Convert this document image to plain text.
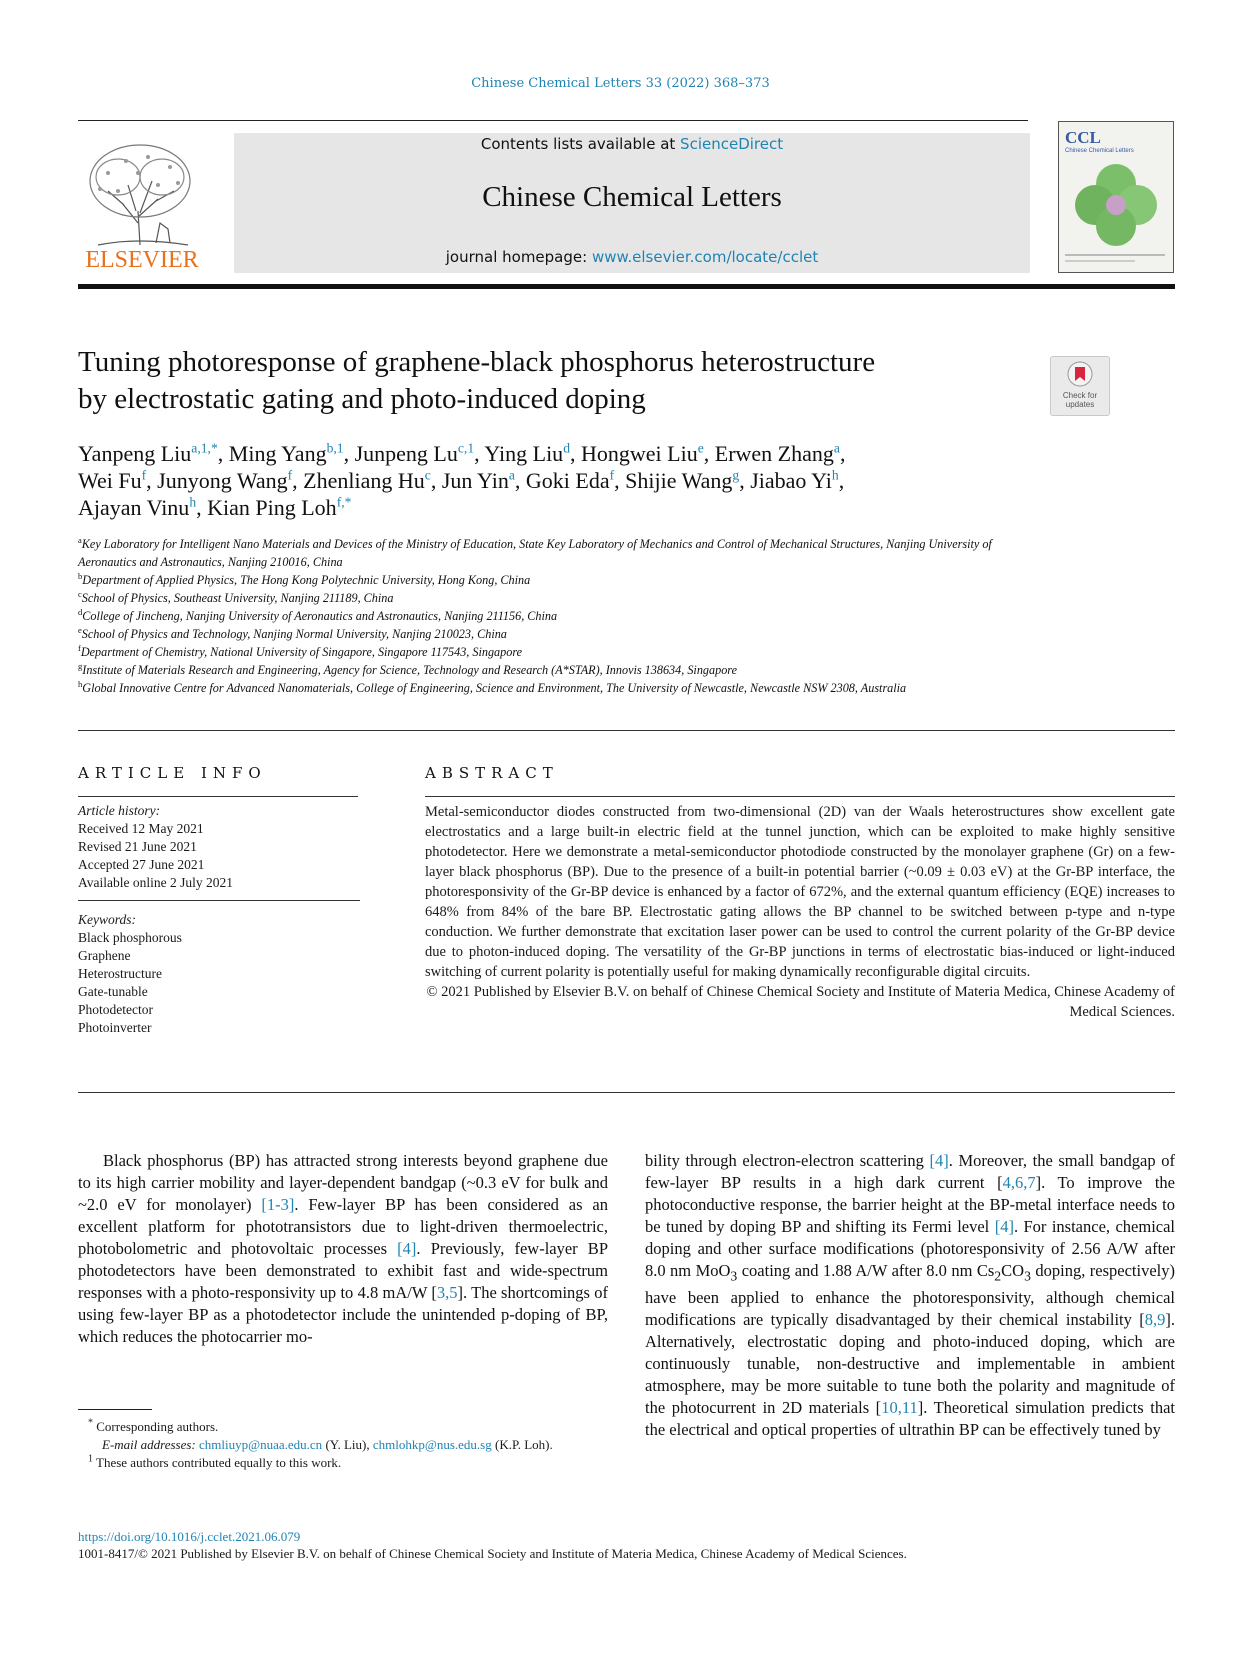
Chinese Chemical Letters 33 (2022) 368–373
ELSEVIER
Contents lists available at ScienceDirect
Chinese Chemical Letters
journal homepage: www.elsevier.com/locate/cclet
CCL
Chinese Chemical Letters
Tuning photoresponse of graphene-black phosphorus heterostructure
by electrostatic gating and photo-induced doping	Check for
updates
Yanpeng Liu$^{a,1,*}$, Ming Yang$^{b,1}$, Junpeng Lu$^{c,1}$, Ying Liu$^d$, Hongwei Liu$^e$, Erwen Zhang$^a$,
Wei Fu$^f$, Junyong Wang$^f$, Zhenliang Hu$^c$, Jun Yin$^a$, Goki Eda$^f$, Shijie Wang$^g$, Jiabao Yi$^h$,
Ajayan Vinu$^h$, Kian Ping Loh$^{f,*}$
$^a$Key Laboratory for Intelligent Nano Materials and Devices of the Ministry of Education, State Key Laboratory of Mechanics and Control of Mechanical Structures, Nanjing University of Aeronautics and Astronautics, Nanjing 210016, China
$^b$Department of Applied Physics, The Hong Kong Polytechnic University, Hong Kong, China
$^c$School of Physics, Southeast University, Nanjing 211189, China
$^d$College of Jincheng, Nanjing University of Aeronautics and Astronautics, Nanjing 211156, China
$^e$School of Physics and Technology, Nanjing Normal University, Nanjing 210023, China
$^f$Department of Chemistry, National University of Singapore, Singapore 117543, Singapore
$^g$Institute of Materials Research and Engineering, Agency for Science, Technology and Research (A*STAR), Innovis 138634, Singapore
$^h$Global Innovative Centre for Advanced Nanomaterials, College of Engineering, Science and Environment, The University of Newcastle, Newcastle NSW 2308, Australia
ARTICLE INFO	ABSTRACT
Article history:
Received 12 May 2021
Revised 21 June 2021
Accepted 27 June 2021
Available online 2 July 2021
Keywords:
Black phosphorous
Graphene
Heterostructure
Gate-tunable
Photodetector
Photoinverter
Metal-semiconductor diodes constructed from two-dimensional (2D) van der Waals heterostructures show excellent gate electrostatics and a large built-in electric field at the tunnel junction, which can be exploited to make highly sensitive photodetector. Here we demonstrate a metal-semiconductor photodiode constructed by the monolayer graphene (Gr) on a few-layer black phosphorus (BP). Due to the presence of a built-in potential barrier (~0.09 ± 0.03 eV) at the Gr-BP interface, the photoresponsivity of the Gr-BP device is enhanced by a factor of 672%, and the external quantum efficiency (EQE) increases to 648% from 84% of the bare BP. Electrostatic gating allows the BP channel to be switched between p-type and n-type conduction. We further demonstrate that excitation laser power can be used to control the current polarity of the Gr-BP device due to photon-induced doping. The versatility of the Gr-BP junctions in terms of electrostatic bias-induced or light-induced switching of current polarity is potentially useful for making dynamically reconfigurable digital circuits.
© 2021 Published by Elsevier B.V. on behalf of Chinese Chemical Society and Institute of Materia Medica, Chinese Academy of Medical Sciences.
Black phosphorus (BP) has attracted strong interests beyond graphene due to its high carrier mobility and layer-dependent bandgap (~0.3 eV for bulk and ~2.0 eV for monolayer) [1-3]. Few-layer BP has been considered as an excellent platform for phototransistors due to light-driven thermoelectric, photobolometric and photovoltaic processes [4]. Previously, few-layer BP photodetectors have been demonstrated to exhibit fast and wide-spectrum responses with a photo-responsivity up to 4.8 mA/W [3,5]. The shortcomings of using few-layer BP as a photodetector include the unintended p-doping of BP, which reduces the photocarrier mo-
bility through electron-electron scattering [4]. Moreover, the small bandgap of few-layer BP results in a high dark current [4,6,7]. To improve the photoconductive response, the barrier height at the BP-metal interface needs to be tuned by doping BP and shifting its Fermi level [4]. For instance, chemical doping and other surface modifications (photoresponsivity of 2.56 A/W after 8.0 nm MoO$_3$ coating and 1.88 A/W after 8.0 nm $Cs_2CO_3$ doping, respectively) have been applied to enhance the photoresponsivity, although chemical modifications are typically disadvantaged by their chemical instability [8,9]. Alternatively, electrostatic doping and photo-induced doping, which are continuously tunable, non-destructive and implementable in ambient atmosphere, may be more suitable to tune both the polarity and magnitude of the photocurrent in 2D materials [10,11]. Theoretical simulation predicts that the electrical and optical properties of ultrathin BP can be effectively tuned by
* Corresponding authors.
E-mail addresses: chmliuyp@nuaa.edu.cn (Y. Liu), chmlohkp@nus.edu.sg (K.P. Loh).
$^1$ These authors contributed equally to this work.
https://doi.org/10.1016/j.cclet.2021.06.079
1001-8417/© 2021 Published by Elsevier B.V. on behalf of Chinese Chemical Society and Institute of Materia Medica, Chinese Academy of Medical Sciences.
